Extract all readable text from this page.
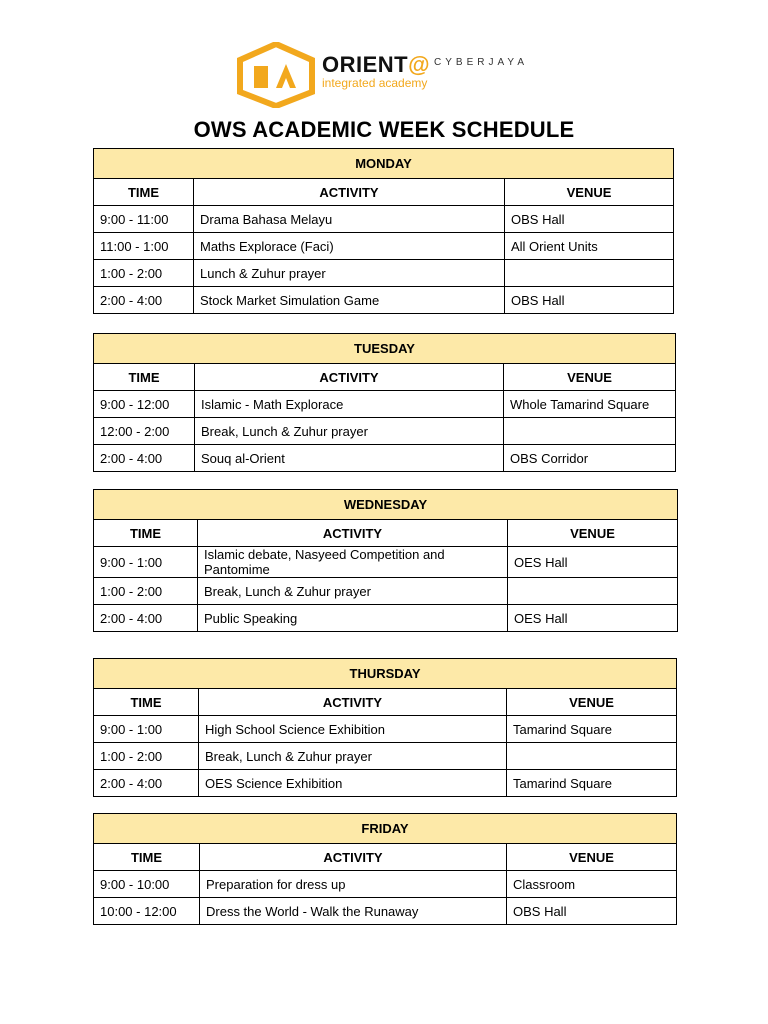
ORIENT@ $^{CYBERJAYA}$
integrated academy
OWS ACADEMIC WEEK SCHEDULE
MONDAY		
TIME	ACTIVITY	VENUE
9:00 - 11:00	Drama Bahasa Melayu	OBS Hall
11:00 - 1:00	Maths Explorace (Faci)	All Orient Units
1:00 - 2:00	Lunch & Zuhur prayer	
2:00 - 4:00	Stock Market Simulation Game	OBS Hall
TUESDAY		
TIME	ACTIVITY	VENUE
9:00 - 12:00	Islamic - Math Explorace	Whole Tamarind Square
12:00 - 2:00	Break, Lunch & Zuhur prayer	
2:00 - 4:00	Souq al-Orient	OBS Corridor
WEDNESDAY		
TIME	ACTIVITY	VENUE
9:00 - 1:00	Islamic debate, Nasyeed Competition and Pantomime	OES Hall
1:00 - 2:00	Break, Lunch & Zuhur prayer	
2:00 - 4:00	Public Speaking	OES Hall
THURSDAY		
TIME	ACTIVITY	VENUE
9:00 - 1:00	High School Science Exhibition	Tamarind Square
1:00 - 2:00	Break, Lunch & Zuhur prayer	
2:00 - 4:00	OES Science Exhibition	Tamarind Square
FRIDAY		
TIME	ACTIVITY	VENUE
9:00 - 10:00	Preparation for dress up	Classroom
10:00 - 12:00	Dress the World - Walk the Runaway	OBS Hall
